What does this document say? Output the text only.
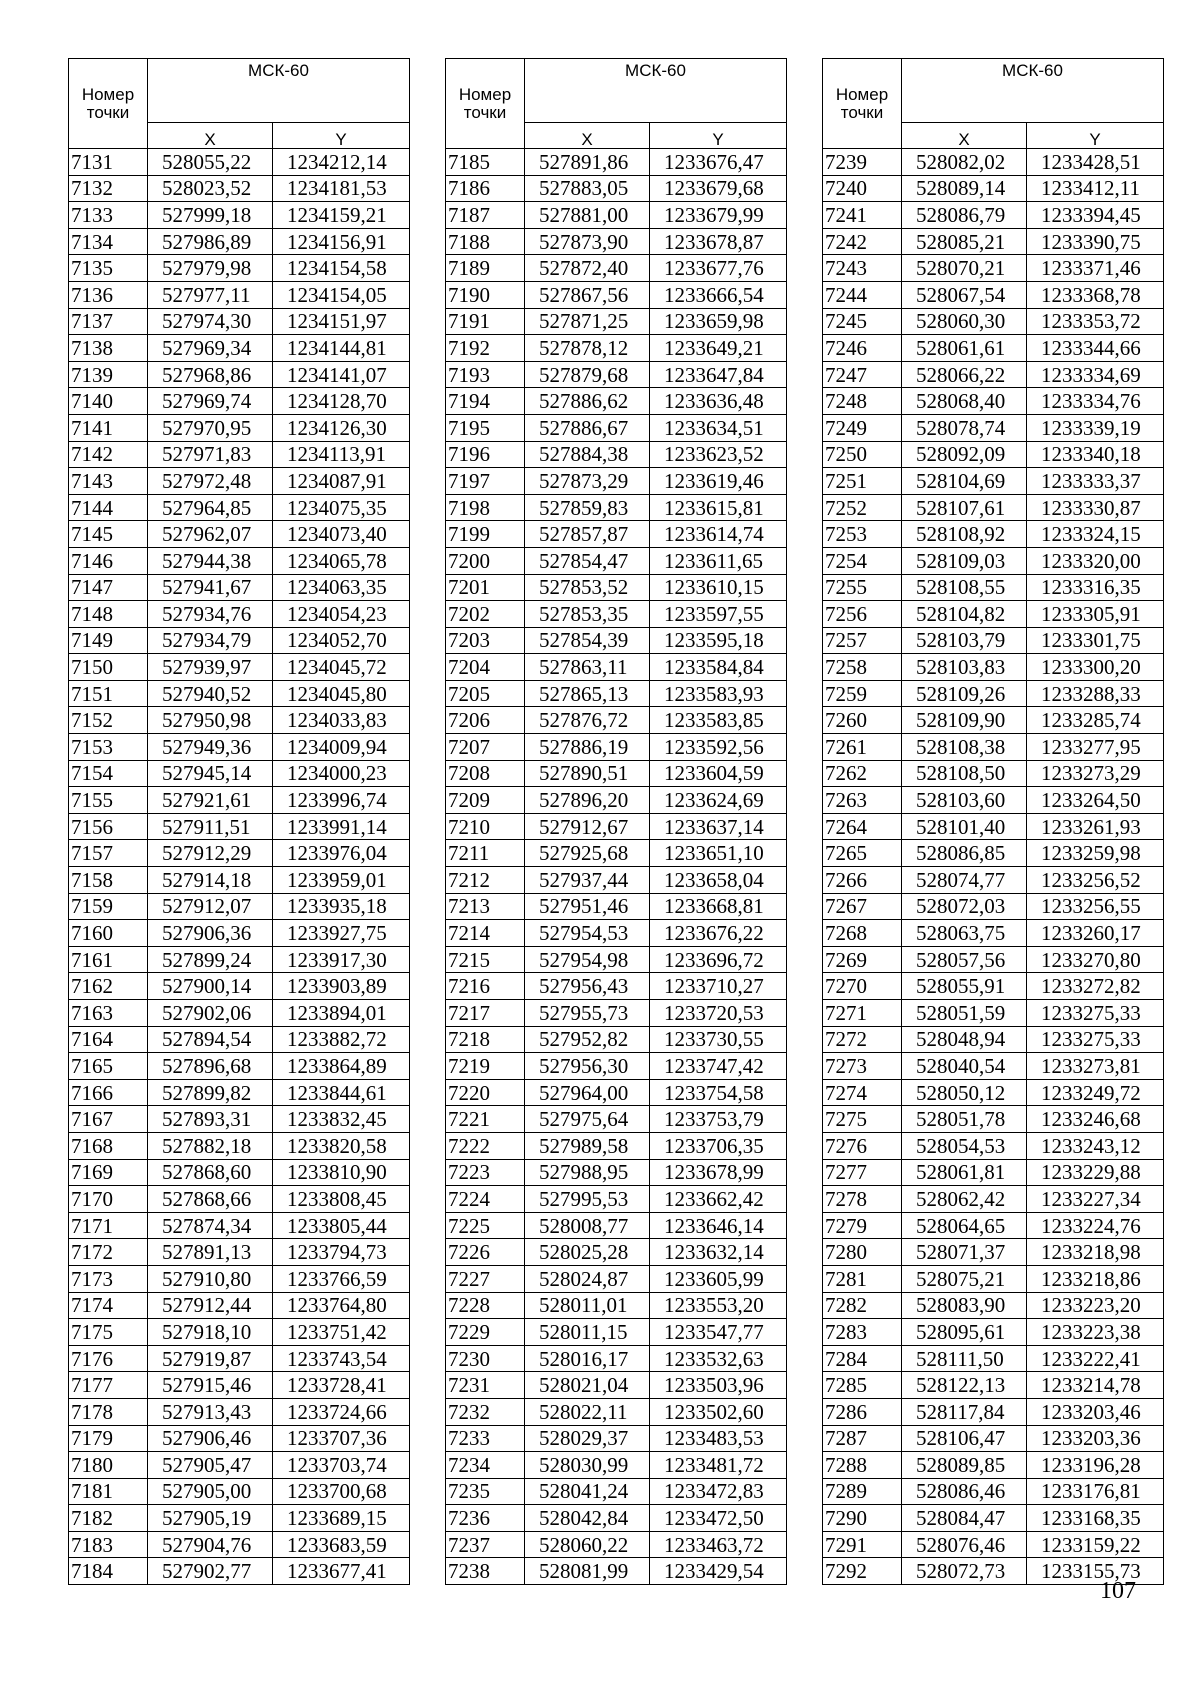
Номер точки	МСК-60	
	X	Y
7131	528055,22	1234212,14
7132	528023,52	1234181,53
7133	527999,18	1234159,21
7134	527986,89	1234156,91
7135	527979,98	1234154,58
7136	527977,11	1234154,05
7137	527974,30	1234151,97
7138	527969,34	1234144,81
7139	527968,86	1234141,07
7140	527969,74	1234128,70
7141	527970,95	1234126,30
7142	527971,83	1234113,91
7143	527972,48	1234087,91
7144	527964,85	1234075,35
7145	527962,07	1234073,40
7146	527944,38	1234065,78
7147	527941,67	1234063,35
7148	527934,76	1234054,23
7149	527934,79	1234052,70
7150	527939,97	1234045,72
7151	527940,52	1234045,80
7152	527950,98	1234033,83
7153	527949,36	1234009,94
7154	527945,14	1234000,23
7155	527921,61	1233996,74
7156	527911,51	1233991,14
7157	527912,29	1233976,04
7158	527914,18	1233959,01
7159	527912,07	1233935,18
7160	527906,36	1233927,75
7161	527899,24	1233917,30
7162	527900,14	1233903,89
7163	527902,06	1233894,01
7164	527894,54	1233882,72
7165	527896,68	1233864,89
7166	527899,82	1233844,61
7167	527893,31	1233832,45
7168	527882,18	1233820,58
7169	527868,60	1233810,90
7170	527868,66	1233808,45
7171	527874,34	1233805,44
7172	527891,13	1233794,73
7173	527910,80	1233766,59
7174	527912,44	1233764,80
7175	527918,10	1233751,42
7176	527919,87	1233743,54
7177	527915,46	1233728,41
7178	527913,43	1233724,66
7179	527906,46	1233707,36
7180	527905,47	1233703,74
7181	527905,00	1233700,68
7182	527905,19	1233689,15
7183	527904,76	1233683,59
7184	527902,77	1233677,41
Номер точки	МСК-60	
	X	Y
7185	527891,86	1233676,47
7186	527883,05	1233679,68
7187	527881,00	1233679,99
7188	527873,90	1233678,87
7189	527872,40	1233677,76
7190	527867,56	1233666,54
7191	527871,25	1233659,98
7192	527878,12	1233649,21
7193	527879,68	1233647,84
7194	527886,62	1233636,48
7195	527886,67	1233634,51
7196	527884,38	1233623,52
7197	527873,29	1233619,46
7198	527859,83	1233615,81
7199	527857,87	1233614,74
7200	527854,47	1233611,65
7201	527853,52	1233610,15
7202	527853,35	1233597,55
7203	527854,39	1233595,18
7204	527863,11	1233584,84
7205	527865,13	1233583,93
7206	527876,72	1233583,85
7207	527886,19	1233592,56
7208	527890,51	1233604,59
7209	527896,20	1233624,69
7210	527912,67	1233637,14
7211	527925,68	1233651,10
7212	527937,44	1233658,04
7213	527951,46	1233668,81
7214	527954,53	1233676,22
7215	527954,98	1233696,72
7216	527956,43	1233710,27
7217	527955,73	1233720,53
7218	527952,82	1233730,55
7219	527956,30	1233747,42
7220	527964,00	1233754,58
7221	527975,64	1233753,79
7222	527989,58	1233706,35
7223	527988,95	1233678,99
7224	527995,53	1233662,42
7225	528008,77	1233646,14
7226	528025,28	1233632,14
7227	528024,87	1233605,99
7228	528011,01	1233553,20
7229	528011,15	1233547,77
7230	528016,17	1233532,63
7231	528021,04	1233503,96
7232	528022,11	1233502,60
7233	528029,37	1233483,53
7234	528030,99	1233481,72
7235	528041,24	1233472,83
7236	528042,84	1233472,50
7237	528060,22	1233463,72
7238	528081,99	1233429,54
Номер точки	МСК-60	
	X	Y
7239	528082,02	1233428,51
7240	528089,14	1233412,11
7241	528086,79	1233394,45
7242	528085,21	1233390,75
7243	528070,21	1233371,46
7244	528067,54	1233368,78
7245	528060,30	1233353,72
7246	528061,61	1233344,66
7247	528066,22	1233334,69
7248	528068,40	1233334,76
7249	528078,74	1233339,19
7250	528092,09	1233340,18
7251	528104,69	1233333,37
7252	528107,61	1233330,87
7253	528108,92	1233324,15
7254	528109,03	1233320,00
7255	528108,55	1233316,35
7256	528104,82	1233305,91
7257	528103,79	1233301,75
7258	528103,83	1233300,20
7259	528109,26	1233288,33
7260	528109,90	1233285,74
7261	528108,38	1233277,95
7262	528108,50	1233273,29
7263	528103,60	1233264,50
7264	528101,40	1233261,93
7265	528086,85	1233259,98
7266	528074,77	1233256,52
7267	528072,03	1233256,55
7268	528063,75	1233260,17
7269	528057,56	1233270,80
7270	528055,91	1233272,82
7271	528051,59	1233275,33
7272	528048,94	1233275,33
7273	528040,54	1233273,81
7274	528050,12	1233249,72
7275	528051,78	1233246,68
7276	528054,53	1233243,12
7277	528061,81	1233229,88
7278	528062,42	1233227,34
7279	528064,65	1233224,76
7280	528071,37	1233218,98
7281	528075,21	1233218,86
7282	528083,90	1233223,20
7283	528095,61	1233223,38
7284	528111,50	1233222,41
7285	528122,13	1233214,78
7286	528117,84	1233203,46
7287	528106,47	1233203,36
7288	528089,85	1233196,28
7289	528086,46	1233176,81
7290	528084,47	1233168,35
7291	528076,46	1233159,22
7292	528072,73	1233155,73
107
